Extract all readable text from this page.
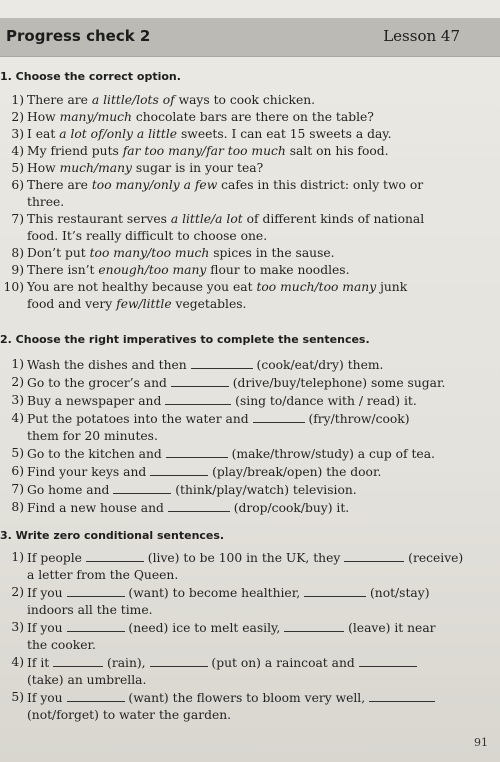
Progress check 2	Lesson 47
1. Choose the correct option.
1) There are a little/lots of ways to cook chicken.
2) How many/much chocolate bars are there on the table?
3) I eat a lot of/only a little sweets. I can eat 15 sweets a day.
4) My friend puts far too many/far too much salt on his food.
5) How much/many sugar is in your tea?
6) There are too many/only a few cafes in this district: only two or
three.
7) This restaurant serves a little/a lot of different kinds of national
food. It’s really difficult to choose one.
8) Don’t put too many/too much spices in the sause.
9) There isn’t enough/too many flour to make noodles.
10) You are not healthy because you eat too much/too many junk
food and very few/little vegetables.
2. Choose the right imperatives to complete the sentences.
1) Wash the dishes and then	(cook/eat/dry) them.
2) Go to the grocer’s and	(drive/buy/telephone) some sugar.
3) Buy a newspaper and	(sing to/dance with / read) it.
4) Put the potatoes into the water and	(fry/throw/cook)
them for 20 minutes.
5) Go to the kitchen and	(make/throw/study) a cup of tea.
6) Find your keys and	(play/break/open) the door.
7) Go home and	(think/play/watch) television.
8) Find a new house and	(drop/cook/buy) it.
3. Write zero conditional sentences.
1) If people	(live) to be 100 in the UK, they	(receive)
a letter from the Queen.
2) If you	(want) to become healthier,	(not/stay)
indoors all the time.
3) If you	(need) ice to melt easily,	(leave) it near
the cooker.
4) If it	(rain),	(put on) a raincoat and
(take) an umbrella.
5) If you	(want) the flowers to bloom very well,
(not/forget) to water the garden.
91
